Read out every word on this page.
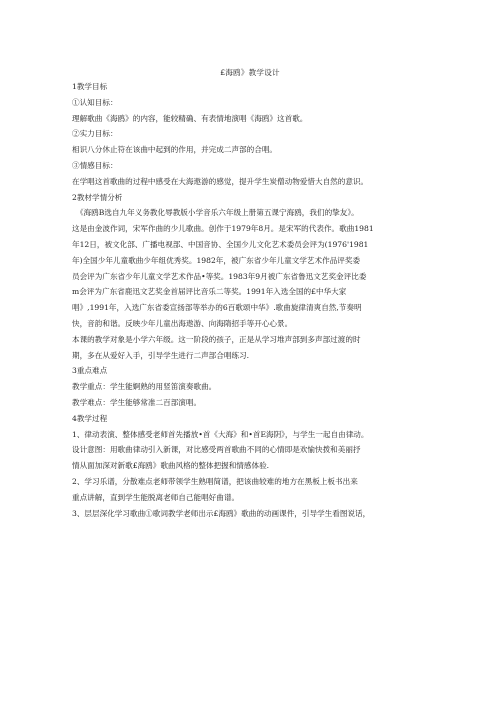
£海鸥》教学设计
1教学目标
①认知目标：
理解歌曲《海鸥》的内容，能较精确、有表情地演唱《海鸥》这首歌。
②实力目标：
相识八分休止符在该曲中起到的作用，并完成二声部的合唱。
③情感目标：
在学唱这首歌曲的过程中感受在大海遨游的感觉，提升学生炭僧动物爱惜大自然的意识。
2教材学情分析
《海鸥B选自九年义务教化辱教版小学音乐六年级上册第五课宁海鸥，我们的挚友》。
这是由金波作词，宋军作曲的少儿歌曲。创作于1979年8月。是宋军的代表作。歌曲1981
年12日，被文化部、广播电视部、中国音协、全国少儿文化艺术委员会评为(1976'1981
年)全国少年儿童歌曲少年组优秀奖。1982年，被广东省少年儿童文学艺术作品评奖委
员会评为广东省少年儿童文学艺术作品•等奖。1983年9月被广东省鲁迅文艺奖金评比委
m会评为广东省鹿迅文艺奖金首届评比音乐二等奖。1991年入选全国的£中华大家
唱》,1991年，入选广东省委宣扬部等举办的6百歌颂中华》.歌曲旋律清爽自然,节奏明
快，音韵和谐。反映少年儿童出海遨游、向海隋招手等开心心景。
本课的教学对象是小学六年级。这一阶段的孩子，正是从学习堆声部到多声部过渡的时
期，多在从爱好入手，引导学生进行二声部合唱练习.
3重点难点
教学重点：学生能婀熟的用竖笛演奏歌曲。
教学难点：学生能够常准二百部演唱。
4教学过程
1、律动表演、整体感受老师首先播放•首《大海》和•首E海阴》，与学生一起自由律动。
设计意图：用歌曲律动引入新课，对比感受两首歌曲不同的心情即是欢愉快拨和美丽抒
情从面加深对新歌£海鸥》歌曲风格的整体把握和情感体验.
2、学习乐谱，分散难点老师带领学生熟唱简谱，把该曲较难的地方在黑板上板书出来
重点讲解，直到学生能脱离老师自己能唱好曲谱。
3、层层深化学习歌曲①歌词教学老师出示£海鸥》歌曲的动画课件，引导学生看图说话，
